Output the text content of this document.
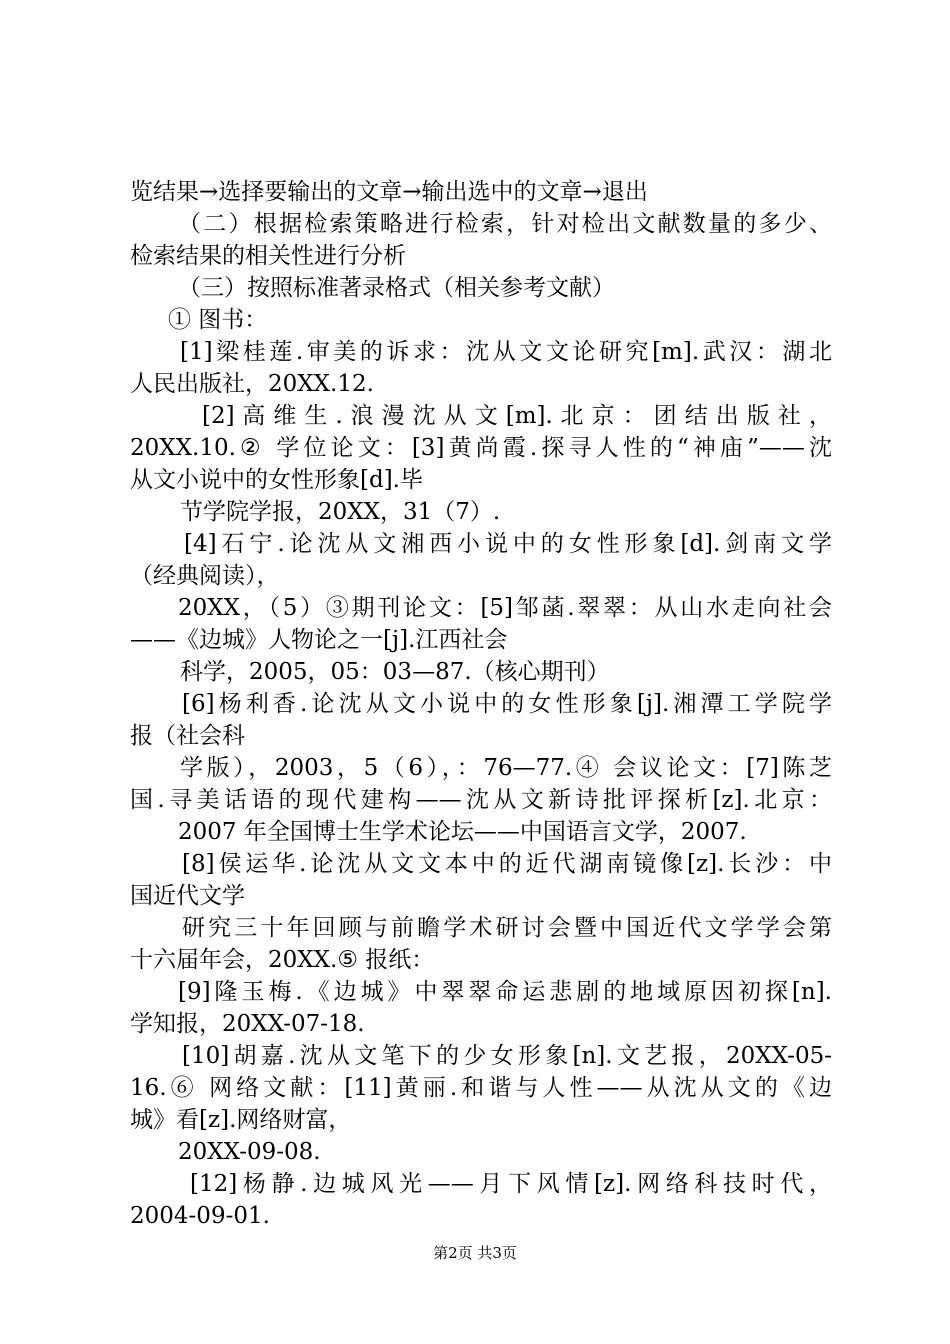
览结果→选择要输出的文章→输出选中的文章→退出
（二）根据检索策略进行检索，针对检出文献数量的多少、
检索结果的相关性进行分析
（三）按照标准著录格式（相关参考文献）
① 图书：
[1]梁桂莲.审美的诉求：沈从文文论研究[m].武汉：湖北
人民出版社，20XX.12.
[2] 高 维 生 . 浪 漫 沈 从 文 [m]. 北 京 ： 团 结 出 版 社 ，
20XX.10.② 学位论文：[3]黄尚霞.探寻人性的“神庙”——沈
从文小说中的女性形象[d].毕
节学院学报，20XX，31（7）.
[4]石宁.论沈从文湘西小说中的女性形象[d].剑南文学
（经典阅读），
20XX，（5）③期刊论文：[5]邹菡.翠翠：从山水走向社会
——《边城》人物论之一[j].江西社会
科学，2005，05：03—87.（核心期刊）
[6]杨利香.论沈从文小说中的女性形象[j].湘潭工学院学
报（社会科
学版），2003，5（6），：76—77.④ 会议论文：[7]陈芝
国.寻美话语的现代建构——沈从文新诗批评探析[z].北京：
2007 年全国博士生学术论坛——中国语言文学，2007.
[8]侯运华.论沈从文文本中的近代湖南镜像[z].长沙：中
国近代文学
研究三十年回顾与前瞻学术研讨会暨中国近代文学学会第
十六届年会，20XX.⑤ 报纸：
[9]隆玉梅.《边城》中翠翠命运悲剧的地域原因初探[n].
学知报，20XX-07-18.
[10]胡嘉.沈从文笔下的少女形象[n].文艺报，20XX-05-
16.⑥ 网络文献：[11]黄丽.和谐与人性——从沈从文的《边
城》看[z].网络财富，
20XX-09-08.
[12]杨静.边城风光——月下风情[z].网络科技时代，
2004-09-01.
第2页 共3页
